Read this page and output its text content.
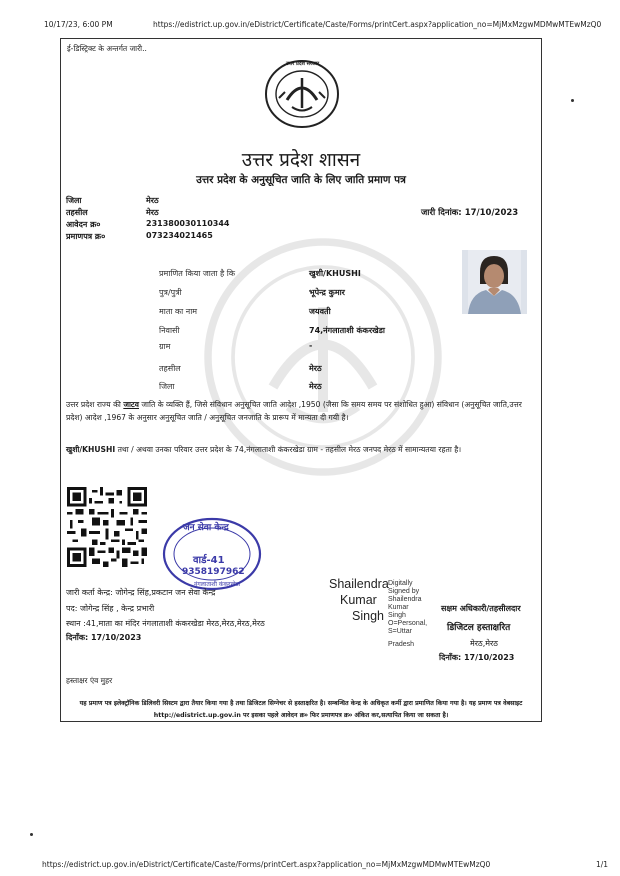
10/17/23, 6:00 PM	https://edistrict.up.gov.in/eDistrict/Certificate/Caste/Forms/printCert.aspx?application_no=MjMxMzgwMDMwMTEwMzQ0
ई-डिस्ट्रिक्ट के अन्तर्गत जारी..
उत्तर प्रदेश सरकार
उत्तर प्रदेश शासन
उत्तर प्रदेश के अनुसूचित जाति के लिए जाति प्रमाण पत्र
जिला	मेरठ
तहसील	मेरठ
आवेदन क्र०	231380030110344
प्रमाणपत्र क्र०	073234021465
जारी दिनांक: 17/10/2023
प्रमाणित किया जाता है कि	खुशी/KHUSHI
पुत्र/पुत्री	भूपेन्द्र कुमार
माता का नाम	जयवती
निवासी	74,नंगलाताशी कंकरखेडा
ग्राम	-
तहसील	मेरठ
जिला	मेरठ
उत्तर प्रदेश राज्य की जाटव जाति के व्यक्ति हैं, जिसे संविधान अनुसूचित जाति आदेश ,1950 (जैसा कि समय समय पर संशोधित हुआ) संविधान (अनुसूचित जाति,उत्तर प्रदेश) आदेश ,1967 के अनुसार अनुसूचित जाति / अनुसूचित जनजाति के प्रारूप में मान्यता दी गयी है।
खुशी/KHUSHI तथा / अथवा उनका परिवार उत्तर प्रदेश के 74,नंगलाताशी कंकरखेडा ग्राम - तहसील मेरठ जनपद मेरठ में सामान्यतया रहता है।
जन सेवा केन्द्र
वार्ड-41
9358197962
नंगलाताशी कंकरखेडा
जारी कर्ता केन्द्र: जोगेन्द्र सिंह,प्रकटान जन सेवा केन्द्र
पद: जोगेन्द्र सिंह , केन्द्र प्रभारी
स्थान :41,माता का मंदिर नंगलाताशी कंकरखेडा मेरठ,मेरठ,मेरठ,मेरठ
दिनाँक: 17/10/2023
Shailendra
Kumar
Singh
Digitally
Signed by
Shailendra
Kumar
Singh
O=Personal,
S=Uttar
Pradesh
सक्षम अधिकारी/तहसीलदार
डिजिटल हस्ताक्षरित
मेरठ,मेरठ
दिनाँक: 17/10/2023
हस्ताक्षर एंव मुहर
यह प्रमाण पत्र इलेक्ट्रॉनिक डिलिवरी सिस्टम द्वारा तैयार किया गया है तथा डिजिटल सिग्नेचर से हस्ताक्षरित है। सम्बन्धित केन्द्र के अधिकृत कर्मी द्वारा प्रमाणित किया गया है। यह प्रमाण पत्र वेबसाइट http://edistrict.up.gov.in पर इसका पहले आवेदन क्र० फिर प्रमाणपत्र क्र० अंकित कर,सत्यापित किया जा सकता है।
https://edistrict.up.gov.in/eDistrict/Certificate/Caste/Forms/printCert.aspx?application_no=MjMxMzgwMDMwMTEwMzQ0	1/1
